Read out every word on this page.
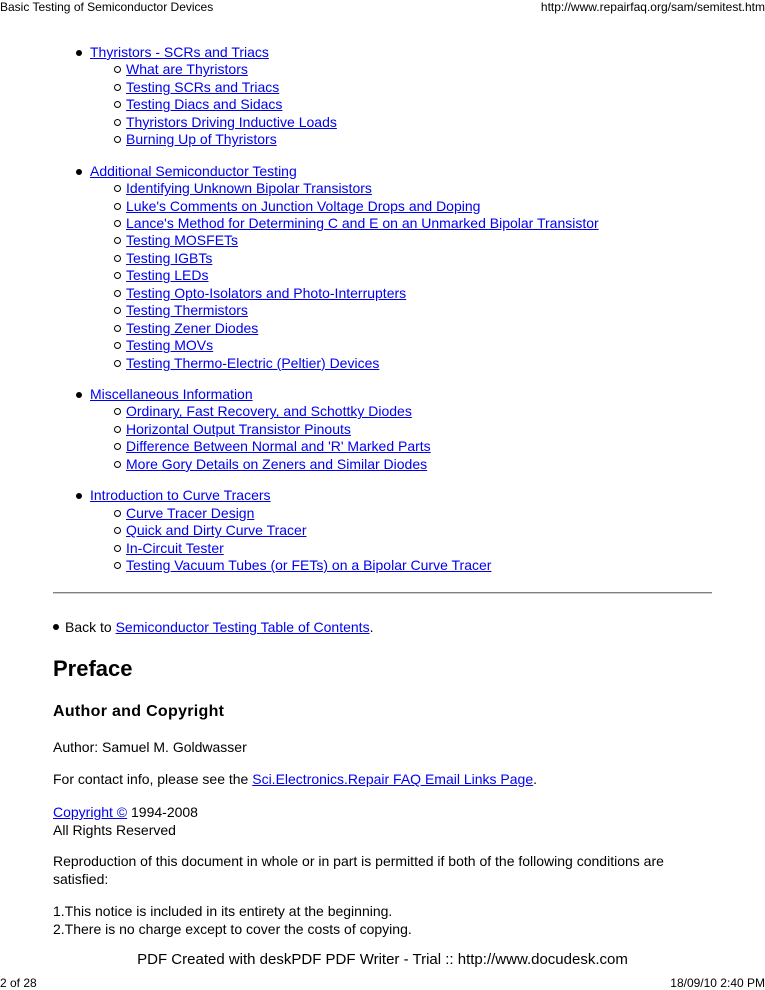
Basic Testing of Semiconductor Devices	http://www.repairfaq.org/sam/semitest.htm
Thyristors - SCRs and Triacs
What are Thyristors
Testing SCRs and Triacs
Testing Diacs and Sidacs
Thyristors Driving Inductive Loads
Burning Up of Thyristors
Additional Semiconductor Testing
Identifying Unknown Bipolar Transistors
Luke's Comments on Junction Voltage Drops and Doping
Lance's Method for Determining C and E on an Unmarked Bipolar Transistor
Testing MOSFETs
Testing IGBTs
Testing LEDs
Testing Opto-Isolators and Photo-Interrupters
Testing Thermistors
Testing Zener Diodes
Testing MOVs
Testing Thermo-Electric (Peltier) Devices
Miscellaneous Information
Ordinary, Fast Recovery, and Schottky Diodes
Horizontal Output Transistor Pinouts
Difference Between Normal and 'R' Marked Parts
More Gory Details on Zeners and Similar Diodes
Introduction to Curve Tracers
Curve Tracer Design
Quick and Dirty Curve Tracer
In-Circuit Tester
Testing Vacuum Tubes (or FETs) on a Bipolar Curve Tracer
Back to Semiconductor Testing Table of Contents.
Preface
Author and Copyright
Author: Samuel M. Goldwasser
For contact info, please see the Sci.Electronics.Repair FAQ Email Links Page.
Copyright © 1994-2008
All Rights Reserved
Reproduction of this document in whole or in part is permitted if both of the following conditions are satisfied:
1.This notice is included in its entirety at the beginning.
2.There is no charge except to cover the costs of copying.
PDF Created with deskPDF PDF Writer - Trial :: http://www.docudesk.com
2 of 28	18/09/10 2:40 PM
